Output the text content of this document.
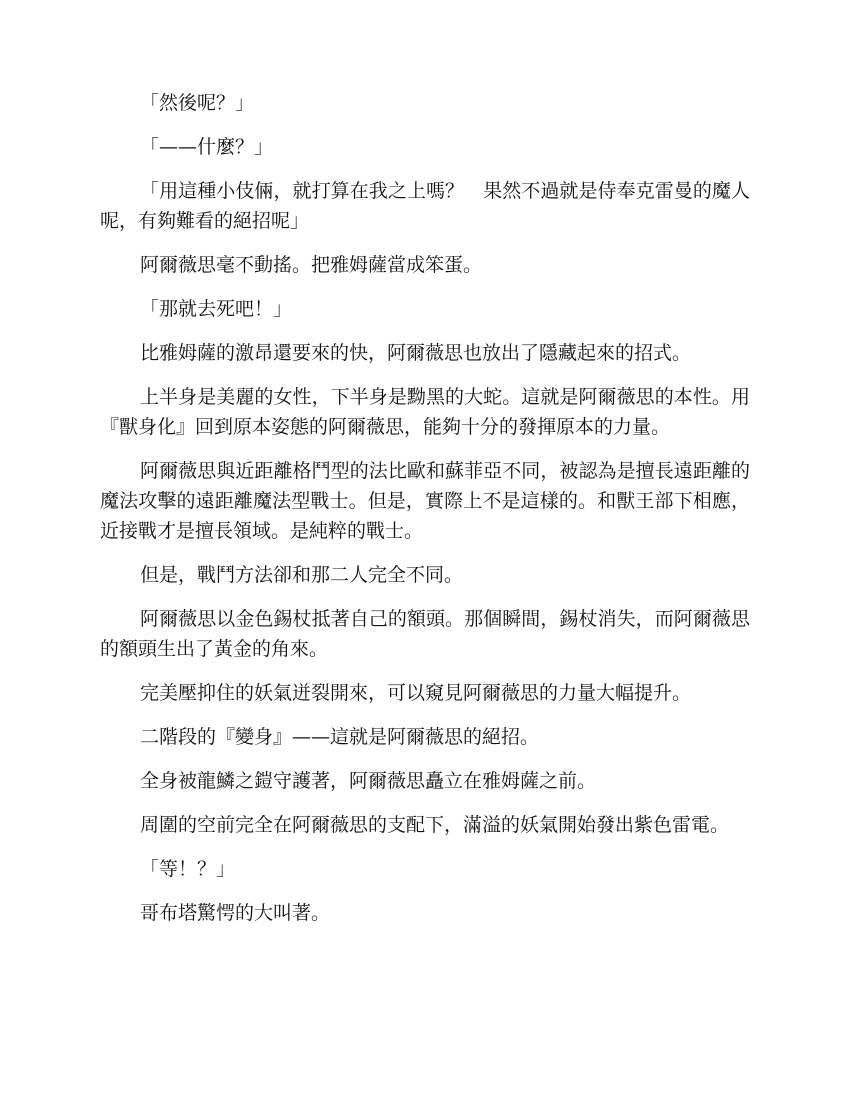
「然後呢？」

「——什麼？」

「用這種小伎倆，就打算在我之上嗎？　果然不過就是侍奉克雷曼的魔人呢，有夠難看的絕招呢」

阿爾薇思毫不動搖。把雅姆薩當成笨蛋。

「那就去死吧！」

比雅姆薩的激昂還要來的快，阿爾薇思也放出了隱藏起來的招式。

上半身是美麗的女性，下半身是黝黑的大蛇。這就是阿爾薇思的本性。用『獸身化』回到原本姿態的阿爾薇思，能夠十分的發揮原本的力量。

阿爾薇思與近距離格鬥型的法比歐和蘇菲亞不同，被認為是擅長遠距離的魔法攻擊的遠距離魔法型戰士。但是，實際上不是這樣的。和獸王部下相應，近接戰才是擅長領域。是純粹的戰士。

但是，戰鬥方法卻和那二人完全不同。

阿爾薇思以金色錫杖抵著自己的額頭。那個瞬間，錫杖消失，而阿爾薇思的額頭生出了黃金的角來。

完美壓抑住的妖氣迸裂開來，可以窺見阿爾薇思的力量大幅提升。

二階段的『變身』——這就是阿爾薇思的絕招。

全身被龍鱗之鎧守護著，阿爾薇思矗立在雅姆薩之前。

周圍的空前完全在阿爾薇思的支配下，滿溢的妖氣開始發出紫色雷電。

「等！？」

哥布塔驚愕的大叫著。
